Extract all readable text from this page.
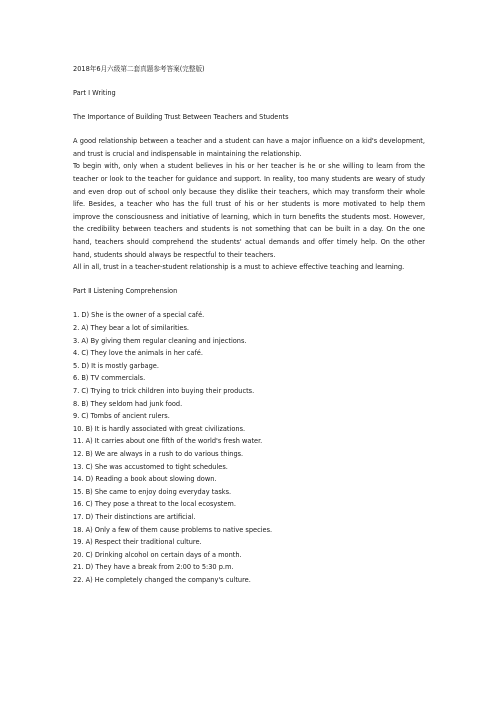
2018年6月六级第二套真题参考答案(完整版)
Part Ⅰ Writing
The Importance of Building Trust Between Teachers and Students
A good relationship between a teacher and a student can have a major influence on a kid's development, and trust is crucial and indispensable in maintaining the relationship.
To begin with, only when a student believes in his or her teacher is he or she willing to learn from the teacher or look to the teacher for guidance and support. In reality, too many students are weary of study and even drop out of school only because they dislike their teachers, which may transform their whole life. Besides, a teacher who has the full trust of his or her students is more motivated to help them improve the consciousness and initiative of learning, which in turn benefits the students most. However, the credibility between teachers and students is not something that can be built in a day. On the one hand, teachers should comprehend the students' actual demands and offer timely help. On the other hand, students should always be respectful to their teachers.
All in all, trust in a teacher-student relationship is a must to achieve effective teaching and learning.
Part Ⅱ Listening Comprehension
1. D) She is the owner of a special café.
2. A) They bear a lot of similarities.
3. A) By giving them regular cleaning and injections.
4. C) They love the animals in her café.
5. D) It is mostly garbage.
6. B) TV commercials.
7. C) Trying to trick children into buying their products.
8. B) They seldom had junk food.
9. C) Tombs of ancient rulers.
10. B) It is hardly associated with great civilizations.
11. A) It carries about one fifth of the world's fresh water.
12. B) We are always in a rush to do various things.
13. C) She was accustomed to tight schedules.
14. D) Reading a book about slowing down.
15. B) She came to enjoy doing everyday tasks.
16. C) They pose a threat to the local ecosystem.
17. D) Their distinctions are artificial.
18. A) Only a few of them cause problems to native species.
19. A) Respect their traditional culture.
20. C) Drinking alcohol on certain days of a month.
21. D) They have a break from 2:00 to 5:30 p.m.
22. A) He completely changed the company's culture.
